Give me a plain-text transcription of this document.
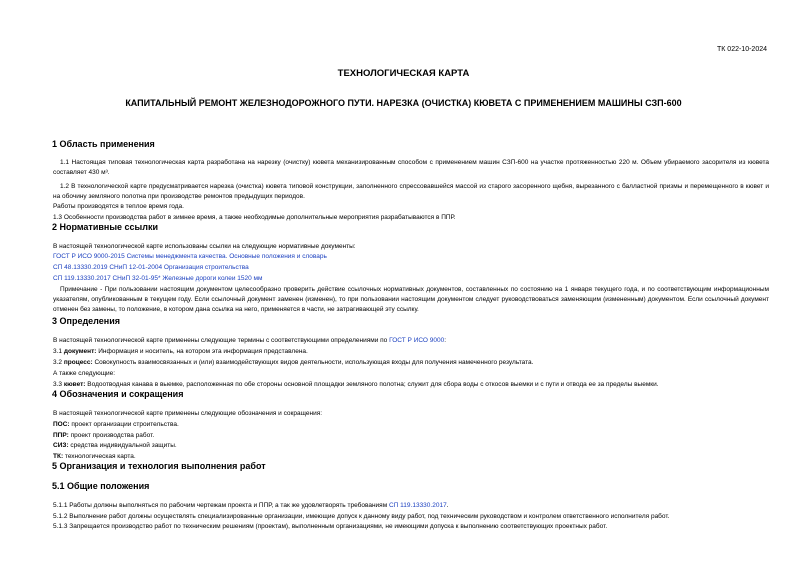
ТК 022-10-2024
ТЕХНОЛОГИЧЕСКАЯ КАРТА
КАПИТАЛЬНЫЙ РЕМОНТ ЖЕЛЕЗНОДОРОЖНОГО ПУТИ. НАРЕЗКА (ОЧИСТКА) КЮВЕТА С ПРИМЕНЕНИЕМ МАШИНЫ СЗП-600
1 Область применения
1.1 Настоящая типовая технологическая карта разработана на нарезку (очистку) кювета механизированным способом с применением машин СЗП-600 на участке протяженностью 220 м. Объем убираемого засорителя из кювета составляет 430 м³.
1.2 В технологической карте предусматривается нарезка (очистка) кювета типовой конструкции, заполненного спрессовавшейся массой из старого засоренного щебня, вырезанного с балластной призмы и перемещенного в кювет и на обочину земляного полотна при производстве ремонтов предыдущих периодов.
Работы производятся в теплое время года.
1.3 Особенности производства работ в зимнее время, а также необходимые дополнительные мероприятия разрабатываются в ППР.
2 Нормативные ссылки
В настоящей технологической карте использованы ссылки на следующие нормативные документы:
ГОСТ Р ИСО 9000-2015 Системы менеджмента качества. Основные положения и словарь
СП 48.13330.2019 СНиП 12-01-2004 Организация строительства
СП 119.13330.2017 СНиП 32-01-95* Железные дороги колеи 1520 мм
Примечание - При пользовании настоящим документом целесообразно проверить действие ссылочных нормативных документов, составленных по состоянию на 1 января текущего года, и по соответствующим информационным указателям, опубликованным в текущем году. Если ссылочный документ заменен (изменен), то при пользовании настоящим документом следует руководствоваться заменяющим (измененным) документом. Если ссылочный документ отменен без замены, то положение, в котором дана ссылка на него, применяется в части, не затрагивающей эту ссылку.
3 Определения
В настоящей технологической карте применены следующие термины с соответствующими определениями по ГОСТ Р ИСО 9000:
3.1 документ: Информация и носитель, на котором эта информация представлена.
3.2 процесс: Совокупность взаимосвязанных и (или) взаимодействующих видов деятельности, использующая входы для получения намеченного результата.
А также следующие:
3.3 кювет: Водоотводная канава в выемке, расположенная по обе стороны основной площадки земляного полотна; служит для сбора воды с откосов выемки и с пути и отвода ее за пределы выемки.
4 Обозначения и сокращения
В настоящей технологической карте применены следующие обозначения и сокращения:
ПОС: проект организации строительства.
ППР: проект производства работ.
СИЗ: средства индивидуальной защиты.
ТК: технологическая карта.
5 Организация и технология выполнения работ
5.1 Общие положения
5.1.1 Работы должны выполняться по рабочим чертежам проекта и ППР, а так же удовлетворять требованиям СП 119.13330.2017.
5.1.2 Выполнение работ должны осуществлять специализированные организации, имеющие допуск к данному виду работ, под техническим руководством и контролем ответственного исполнителя работ.
5.1.3 Запрещается производство работ по техническим решениям (проектам), выполненным организациями, не имеющими допуска к выполнению соответствующих проектных работ.
